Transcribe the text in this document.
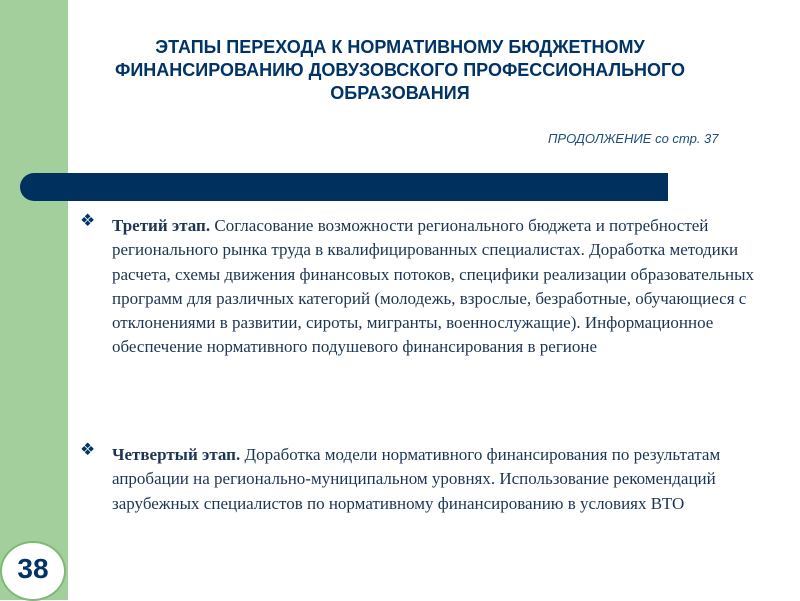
ЭТАПЫ ПЕРЕХОДА К НОРМАТИВНОМУ БЮДЖЕТНОМУ
ФИНАНСИРОВАНИЮ ДОВУЗОВСКОГО ПРОФЕССИОНАЛЬНОГО
ОБРАЗОВАНИЯ
ПРОДОЛЖЕНИЕ со стр. 37
❖ Третий этап. Согласование возможности регионального бюджета и потребностей регионального рынка труда в квалифицированных специалистах. Доработка методики расчета, схемы движения финансовых потоков, специфики реализации образовательных программ для различных категорий (молодежь, взрослые, безработные, обучающиеся с отклонениями в развитии, сироты, мигранты, военнослужащие). Информационное обеспечение нормативного подушевого финансирования в регионе
❖ Четвертый этап. Доработка модели нормативного финансирования по результатам апробации на регионально-муниципальном уровнях. Использование рекомендаций зарубежных специалистов по нормативному финансированию в условиях ВТО
38
